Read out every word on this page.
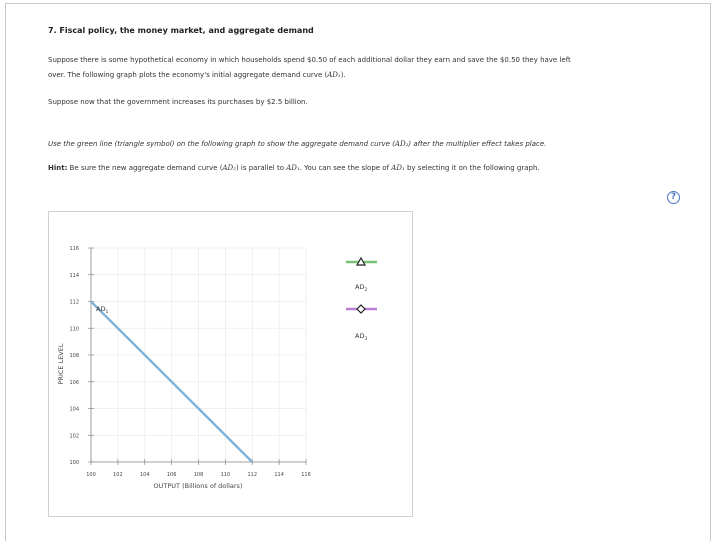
7. Fiscal policy, the money market, and aggregate demand
Suppose there is some hypothetical economy in which households spend $0.50 of each additional dollar they earn and save the $0.50 they have left
over. The following graph plots the economy's initial aggregate demand curve (AD₁).
Suppose now that the government increases its purchases by $2.5 billion.
Use the green line (triangle symbol) on the following graph to show the aggregate demand curve (AD₂) after the multiplier effect takes place.
Hint: Be sure the new aggregate demand curve (AD₂) is parallel to AD₁. You can see the slope of AD₁ by selecting it on the following graph.
?
100
102
104
106
108
110
112
114
116
100	102	104	106	108	110	112	114	116
PRICE LEVEL
OUTPUT (Billions of dollars)
$AD_1$
$AD_2$
$AD_3$
